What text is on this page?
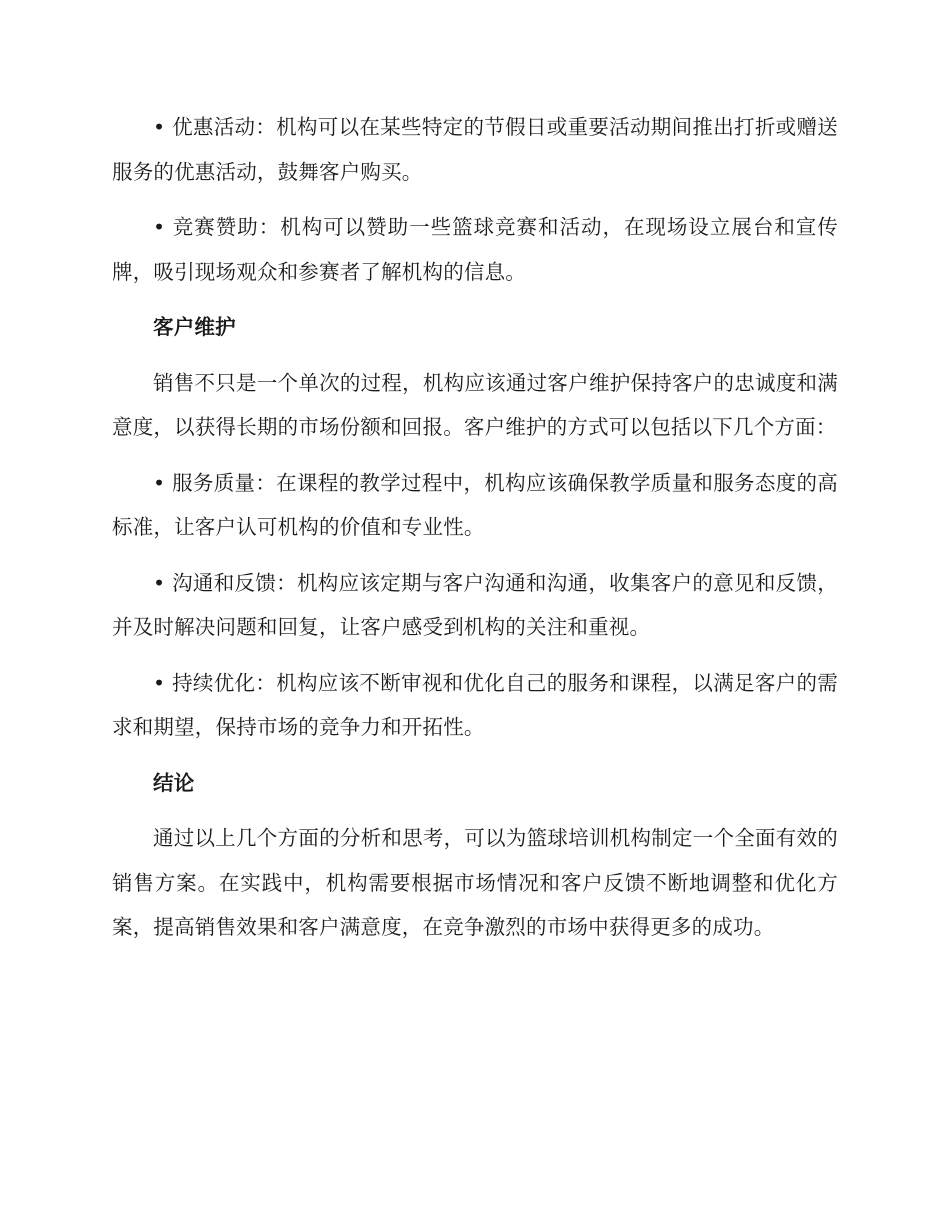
• 优惠活动：机构可以在某些特定的节假日或重要活动期间推出打折或赠送服务的优惠活动，鼓舞客户购买。

• 竞赛赞助：机构可以赞助一些篮球竞赛和活动，在现场设立展台和宣传牌，吸引现场观众和参赛者了解机构的信息。

客户维护

销售不只是一个单次的过程，机构应该通过客户维护保持客户的忠诚度和满意度，以获得长期的市场份额和回报。客户维护的方式可以包括以下几个方面：

• 服务质量：在课程的教学过程中，机构应该确保教学质量和服务态度的高标准，让客户认可机构的价值和专业性。

• 沟通和反馈：机构应该定期与客户沟通和沟通，收集客户的意见和反馈，并及时解决问题和回复，让客户感受到机构的关注和重视。

• 持续优化：机构应该不断审视和优化自己的服务和课程，以满足客户的需求和期望，保持市场的竞争力和开拓性。

结论

通过以上几个方面的分析和思考，可以为篮球培训机构制定一个全面有效的销售方案。在实践中，机构需要根据市场情况和客户反馈不断地调整和优化方案，提高销售效果和客户满意度，在竞争激烈的市场中获得更多的成功。
